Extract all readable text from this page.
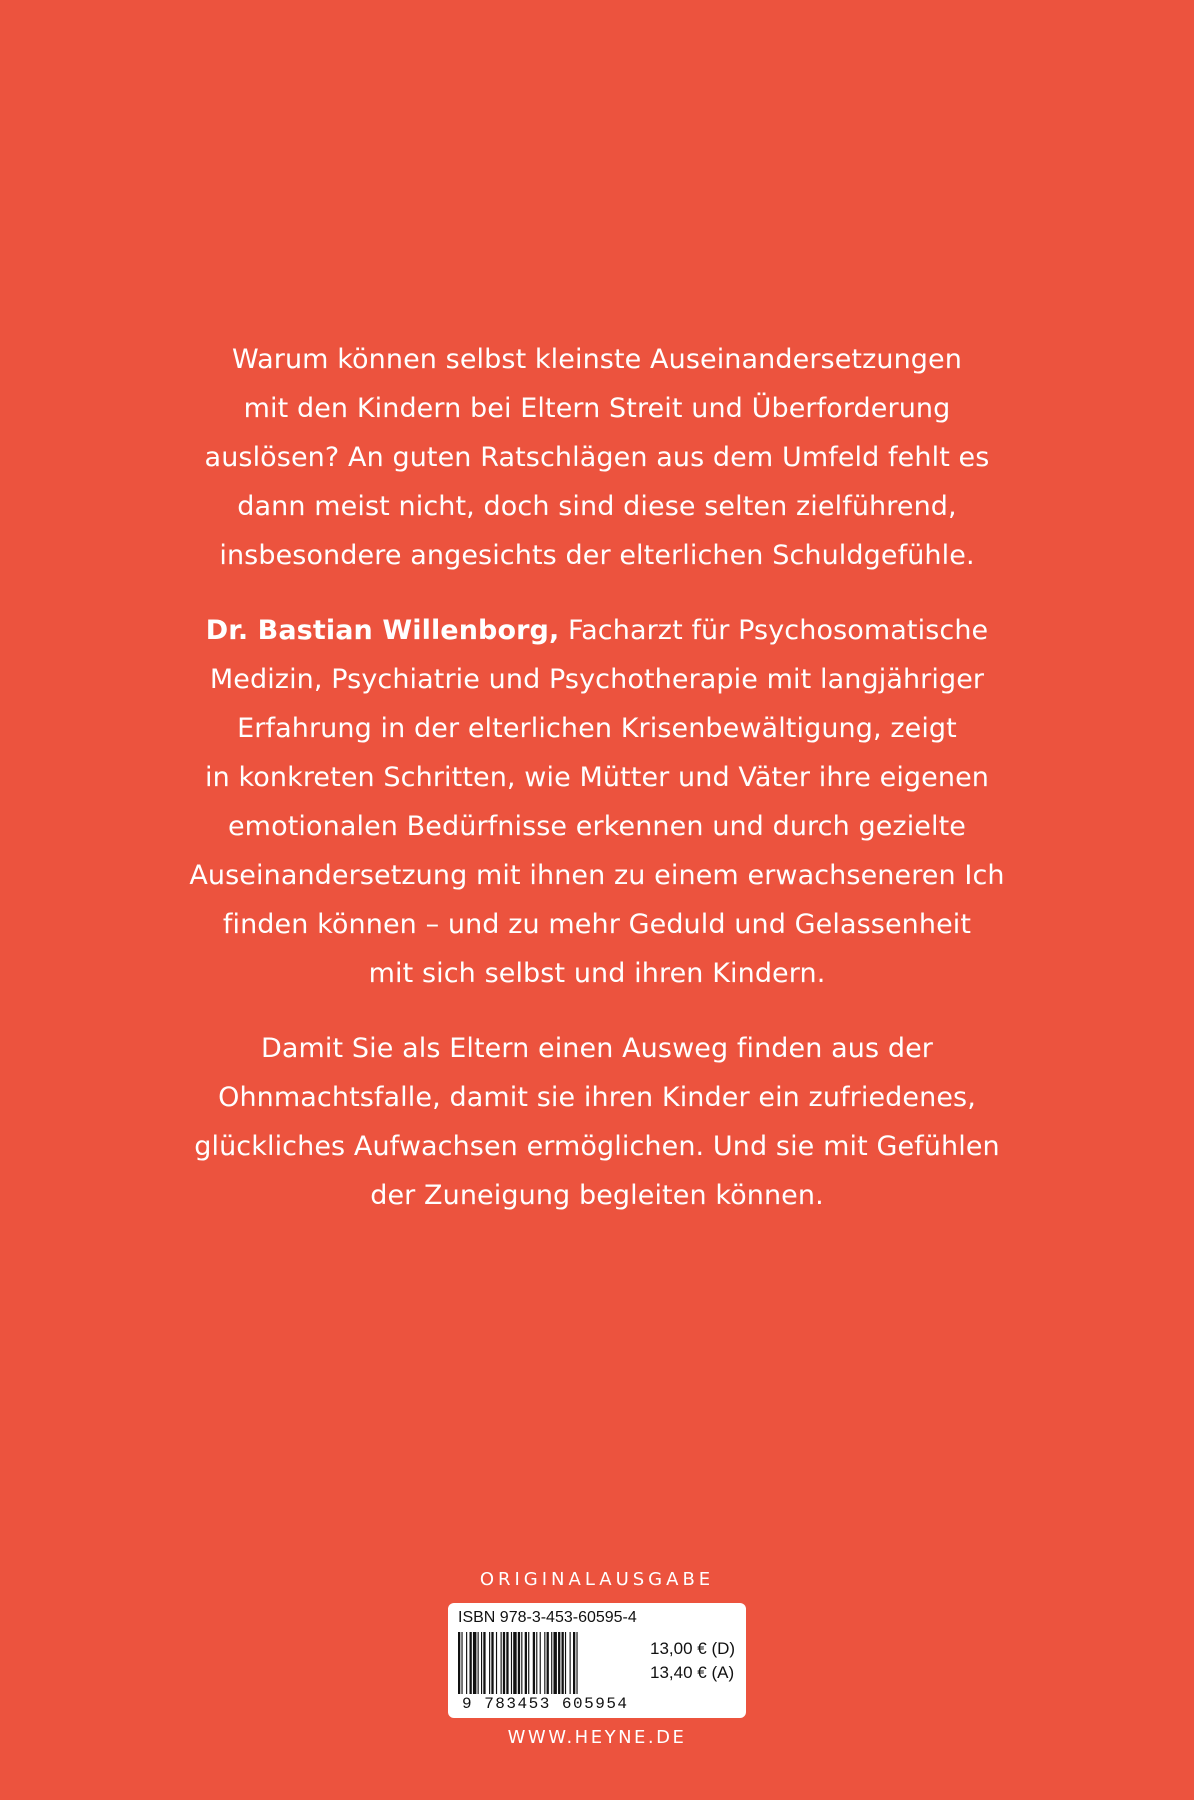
Warum können selbst kleinste Auseinandersetzungen
mit den Kindern bei Eltern Streit und Überforderung
auslösen? An guten Ratschlägen aus dem Umfeld fehlt es
dann meist nicht, doch sind diese selten zielführend,
insbesondere angesichts der elterlichen Schuldgefühle.
Dr. Bastian Willenborg, Facharzt für Psychosomatische
Medizin, Psychiatrie und Psychotherapie mit langjähriger
Erfahrung in der elterlichen Krisenbewältigung, zeigt
in konkreten Schritten, wie Mütter und Väter ihre eigenen
emotionalen Bedürfnisse erkennen und durch gezielte
Auseinandersetzung mit ihnen zu einem erwachseneren Ich
finden können – und zu mehr Geduld und Gelassenheit
mit sich selbst und ihren Kindern.
Damit Sie als Eltern einen Ausweg finden aus der
Ohnmachtsfalle, damit sie ihren Kinder ein zufriedenes,
glückliches Aufwachsen ermöglichen. Und sie mit Gefühlen
der Zuneigung begleiten können.
ORIGINALAUSGABE
ISBN 978-3-453-60595-4
9 783453 605954
13,00 € (D)
13,40 € (A)
WWW.HEYNE.DE
